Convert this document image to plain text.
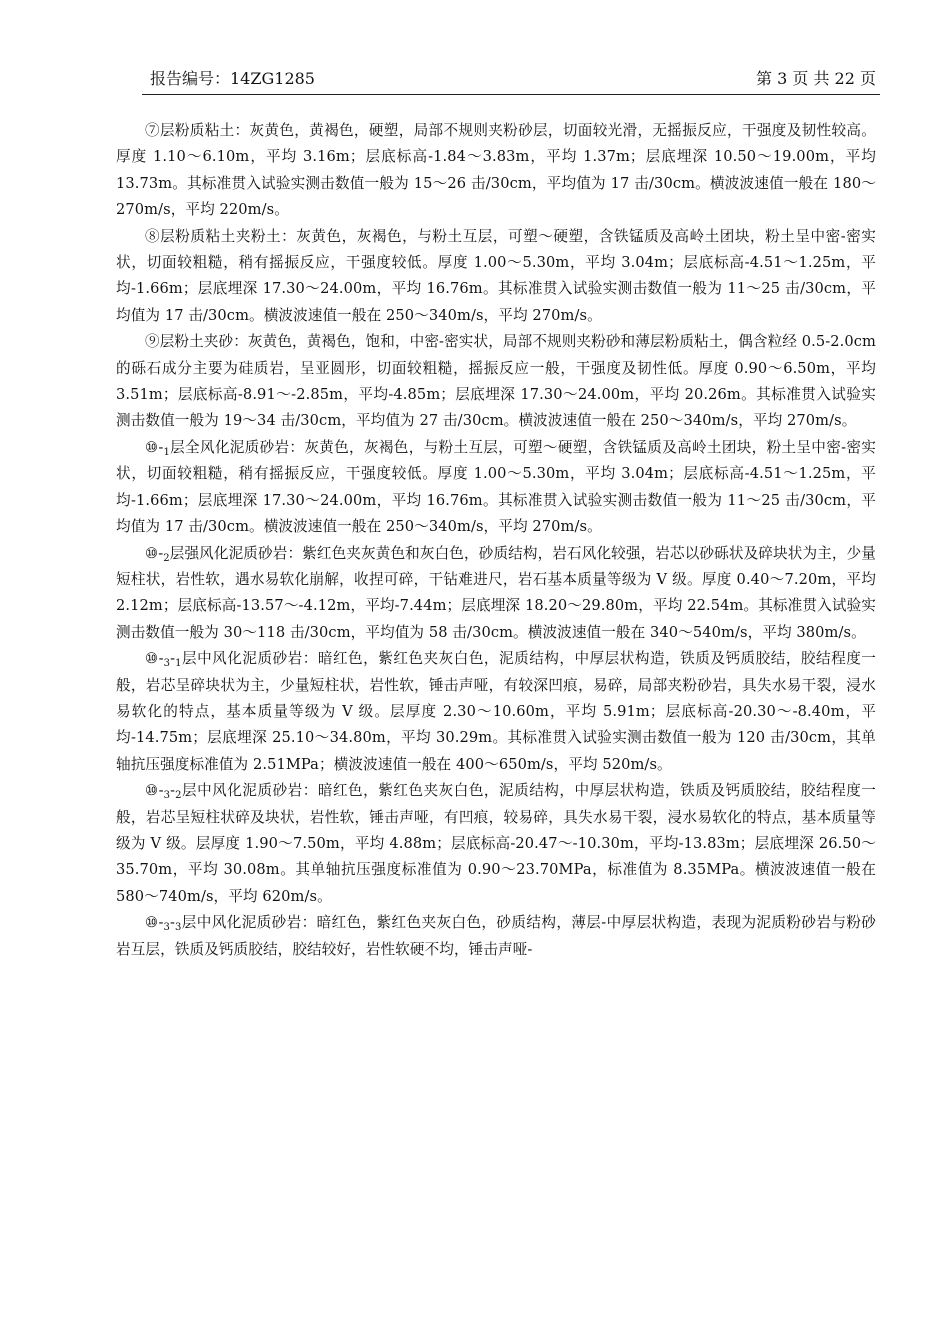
报告编号：14ZG1285	第 3 页 共 22 页

⑦层粉质粘土：灰黄色，黄褐色，硬塑，局部不规则夹粉砂层，切面较光滑，无摇振反应，干强度及韧性较高。厚度 1.10～6.10m，平均 3.16m；层底标高-1.84～3.83m，平均 1.37m；层底埋深 10.50～19.00m，平均 13.73m。其标准贯入试验实测击数值一般为 15～26 击/30cm，平均值为 17 击/30cm。横波波速值一般在 180～270m/s，平均 220m/s。

⑧层粉质粘土夹粉土：灰黄色，灰褐色，与粉土互层，可塑～硬塑，含铁锰质及高岭土团块，粉土呈中密-密实状，切面较粗糙，稍有摇振反应，干强度较低。厚度 1.00～5.30m，平均 3.04m；层底标高-4.51～1.25m，平均-1.66m；层底埋深 17.30～24.00m，平均 16.76m。其标准贯入试验实测击数值一般为 11～25 击/30cm，平均值为 17 击/30cm。横波波速值一般在 250～340m/s，平均 270m/s。

⑨层粉土夹砂：灰黄色，黄褐色，饱和，中密-密实状，局部不规则夹粉砂和薄层粉质粘土，偶含粒经 0.5-2.0cm 的砾石成分主要为硅质岩，呈亚圆形，切面较粗糙，摇振反应一般，干强度及韧性低。厚度 0.90～6.50m，平均 3.51m；层底标高-8.91～-2.85m，平均-4.85m；层底埋深 17.30～24.00m，平均 20.26m。其标准贯入试验实测击数值一般为 19～34 击/30cm，平均值为 27 击/30cm。横波波速值一般在 250～340m/s，平均 270m/s。

$⑩-_1$层全风化泥质砂岩：灰黄色，灰褐色，与粉土互层，可塑～硬塑，含铁锰质及高岭土团块，粉土呈中密-密实状，切面较粗糙，稍有摇振反应，干强度较低。厚度 1.00～5.30m，平均 3.04m；层底标高-4.51～1.25m，平均-1.66m；层底埋深 17.30～24.00m，平均 16.76m。其标准贯入试验实测击数值一般为 11～25 击/30cm，平均值为 17 击/30cm。横波波速值一般在 250～340m/s，平均 270m/s。

$⑩-_2$层强风化泥质砂岩：紫红色夹灰黄色和灰白色，砂质结构，岩石风化较强，岩芯以砂砾状及碎块状为主，少量短柱状，岩性软，遇水易软化崩解，收捏可碎，干钻难进尺，岩石基本质量等级为 V 级。厚度 0.40～7.20m，平均 2.12m；层底标高-13.57～-4.12m，平均-7.44m；层底埋深 18.20～29.80m，平均 22.54m。其标准贯入试验实测击数值一般为 30～118 击/30cm，平均值为 58 击/30cm。横波波速值一般在 340～540m/s，平均 380m/s。

$⑩-_3-_1$层中风化泥质砂岩：暗红色，紫红色夹灰白色，泥质结构，中厚层状构造，铁质及钙质胶结，胶结程度一般，岩芯呈碎块状为主，少量短柱状，岩性软，锤击声哑，有较深凹痕，易碎，局部夹粉砂岩，具失水易干裂，浸水易软化的特点，基本质量等级为 V 级。层厚度 2.30～10.60m，平均 5.91m；层底标高-20.30～-8.40m，平均-14.75m；层底埋深 25.10～34.80m，平均 30.29m。其标准贯入试验实测击数值一般为 120 击/30cm，其单轴抗压强度标准值为 2.51MPa；横波波速值一般在 400～650m/s，平均 520m/s。

$⑩-_3-_2$层中风化泥质砂岩：暗红色，紫红色夹灰白色，泥质结构，中厚层状构造，铁质及钙质胶结，胶结程度一般，岩芯呈短柱状碎及块状，岩性软，锤击声哑，有凹痕，较易碎，具失水易干裂，浸水易软化的特点，基本质量等级为 V 级。层厚度 1.90～7.50m，平均 4.88m；层底标高-20.47～-10.30m，平均-13.83m；层底埋深 26.50～35.70m，平均 30.08m。其单轴抗压强度标准值为 0.90～23.70MPa，标准值为 8.35MPa。横波波速值一般在 580～740m/s，平均 620m/s。

$⑩-_3-_3$层中风化泥质砂岩：暗红色，紫红色夹灰白色，砂质结构，薄层-中厚层状构造，表现为泥质粉砂岩与粉砂岩互层，铁质及钙质胶结，胶结较好，岩性软硬不均，锤击声哑-
